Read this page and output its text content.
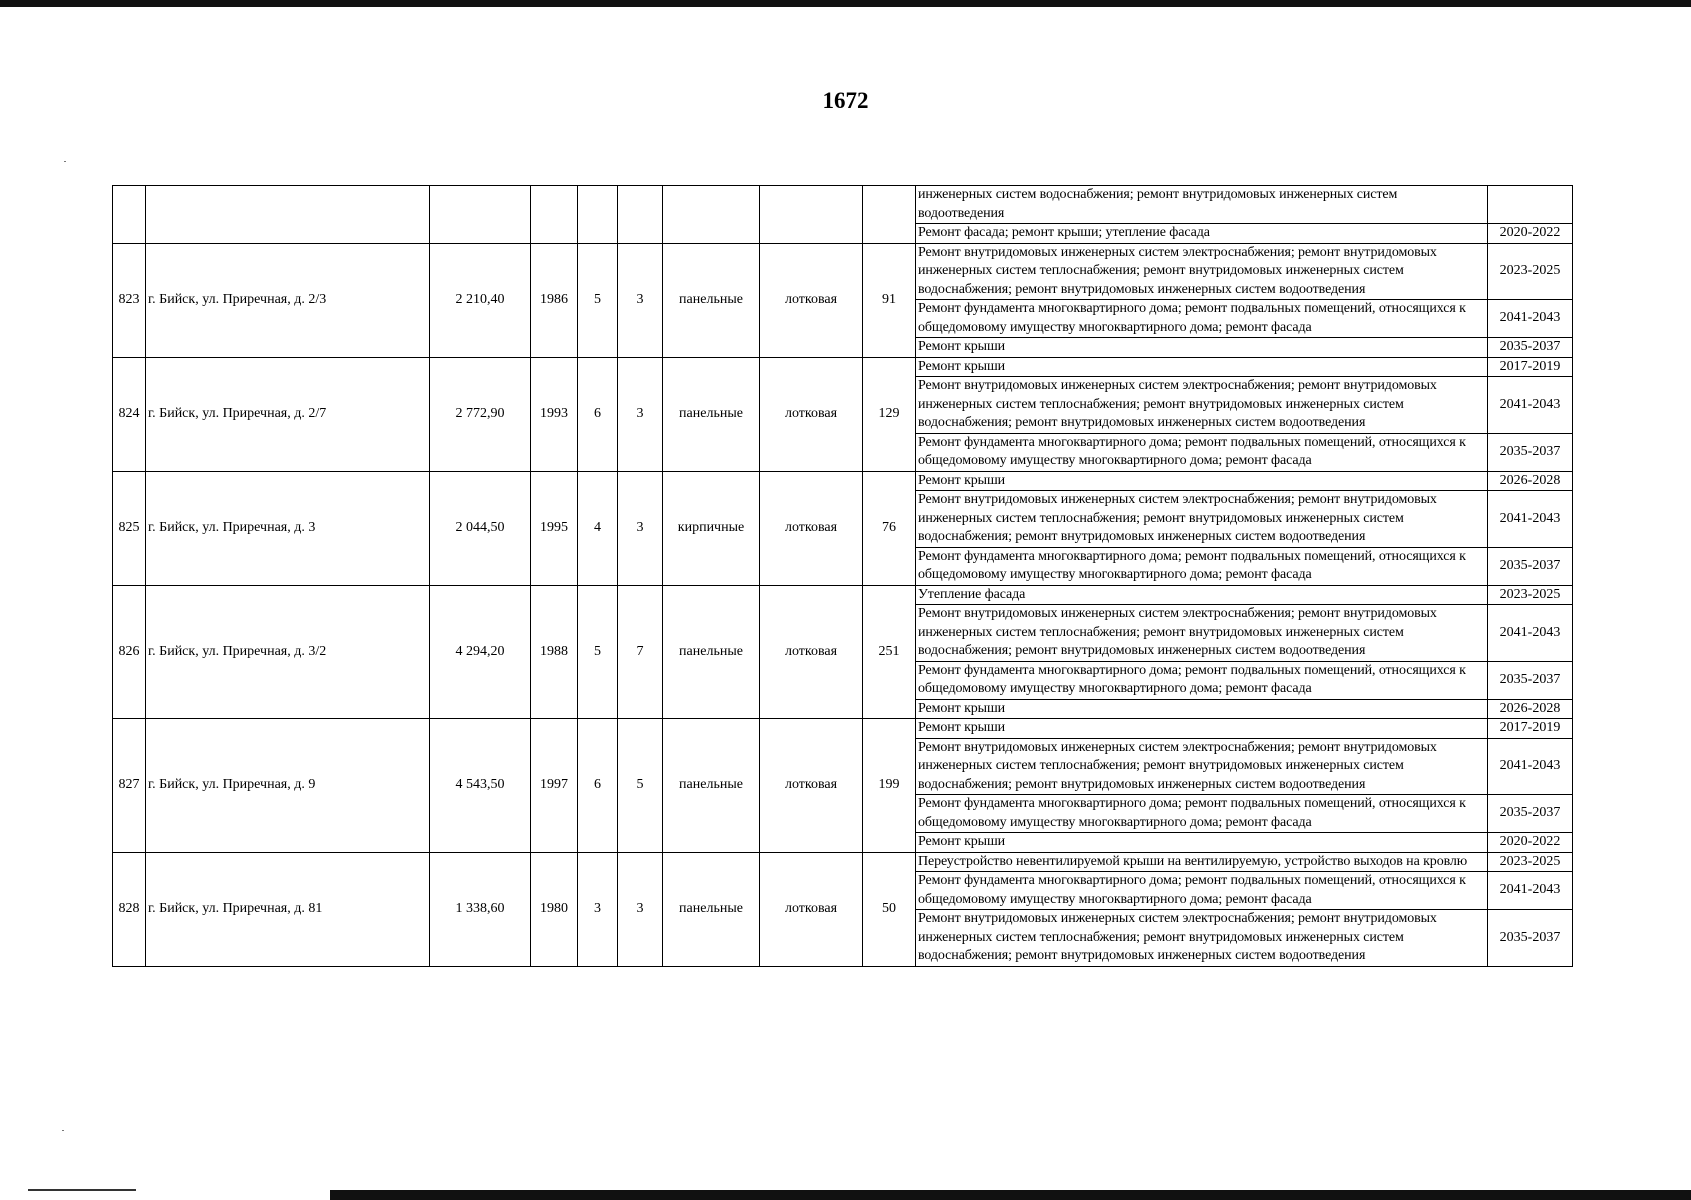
1672
									инженерных систем водоснабжения; ремонт внутридомовых инженерных систем водоотведения	
									Ремонт фасада; ремонт крыши; утепление фасада	2020-2022
823	г. Бийск, ул. Приречная, д. 2/3	2 210,40	1986	5	3	панельные	лотковая	91	Ремонт внутридомовых инженерных систем электроснабжения; ремонт внутридомовых инженерных систем теплоснабжения; ремонт внутридомовых инженерных систем водоснабжения; ремонт внутридомовых инженерных систем водоотведения	2023-2025
									Ремонт фундамента многоквартирного дома; ремонт подвальных помещений, относящихся к общедомовому имуществу многоквартирного дома; ремонт фасада	2041-2043
									Ремонт крыши	2035-2037
824	г. Бийск, ул. Приречная, д. 2/7	2 772,90	1993	6	3	панельные	лотковая	129	Ремонт крыши	2017-2019
									Ремонт внутридомовых инженерных систем электроснабжения; ремонт внутридомовых инженерных систем теплоснабжения; ремонт внутридомовых инженерных систем водоснабжения; ремонт внутридомовых инженерных систем водоотведения	2041-2043
									Ремонт фундамента многоквартирного дома; ремонт подвальных помещений, относящихся к общедомовому имуществу многоквартирного дома; ремонт фасада	2035-2037
825	г. Бийск, ул. Приречная, д. 3	2 044,50	1995	4	3	кирпичные	лотковая	76	Ремонт крыши	2026-2028
									Ремонт внутридомовых инженерных систем электроснабжения; ремонт внутридомовых инженерных систем теплоснабжения; ремонт внутридомовых инженерных систем водоснабжения; ремонт внутридомовых инженерных систем водоотведения	2041-2043
									Ремонт фундамента многоквартирного дома; ремонт подвальных помещений, относящихся к общедомовому имуществу многоквартирного дома; ремонт фасада	2035-2037
826	г. Бийск, ул. Приречная, д. 3/2	4 294,20	1988	5	7	панельные	лотковая	251	Утепление фасада	2023-2025
									Ремонт внутридомовых инженерных систем электроснабжения; ремонт внутридомовых инженерных систем теплоснабжения; ремонт внутридомовых инженерных систем водоснабжения; ремонт внутридомовых инженерных систем водоотведения	2041-2043
									Ремонт фундамента многоквартирного дома; ремонт подвальных помещений, относящихся к общедомовому имуществу многоквартирного дома; ремонт фасада	2035-2037
									Ремонт крыши	2026-2028
827	г. Бийск, ул. Приречная, д. 9	4 543,50	1997	6	5	панельные	лотковая	199	Ремонт крыши	2017-2019
									Ремонт внутридомовых инженерных систем электроснабжения; ремонт внутридомовых инженерных систем теплоснабжения; ремонт внутридомовых инженерных систем водоснабжения; ремонт внутридомовых инженерных систем водоотведения	2041-2043
									Ремонт фундамента многоквартирного дома; ремонт подвальных помещений, относящихся к общедомовому имуществу многоквартирного дома; ремонт фасада	2035-2037
									Ремонт крыши	2020-2022
828	г. Бийск, ул. Приречная, д. 81	1 338,60	1980	3	3	панельные	лотковая	50	Переустройство невентилируемой крыши на вентилируемую, устройство выходов на кровлю	2023-2025
									Ремонт фундамента многоквартирного дома; ремонт подвальных помещений, относящихся к общедомовому имуществу многоквартирного дома; ремонт фасада	2041-2043
									Ремонт внутридомовых инженерных систем электроснабжения; ремонт внутридомовых инженерных систем теплоснабжения; ремонт внутридомовых инженерных систем водоснабжения; ремонт внутридомовых инженерных систем водоотведения	2035-2037
